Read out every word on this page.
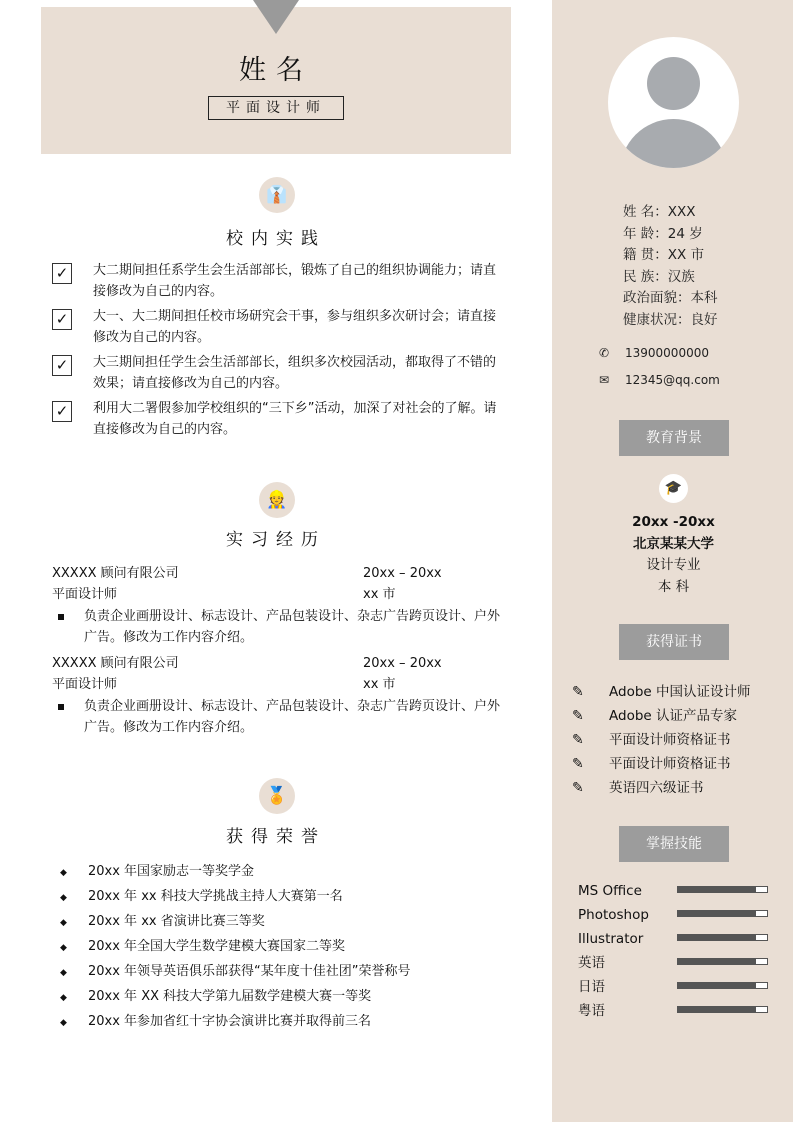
姓名
平面设计师
姓 名：XXX
年 龄：24 岁
籍 贯：XX 市
民 族：汉族
政治面貌：本科
健康状况：良好
✆ 13900000000
✉ 12345@qq.com
教育背景
🎓
20xx -20xx
北京某某大学
设计专业
本 科
获得证书
✎ Adobe 中国认证设计师
✎ Adobe 认证产品专家
✎ 平面设计师资格证书
✎ 平面设计师资格证书
✎ 英语四六级证书
掌握技能
MS Office
Photoshop
Illustrator
英语
日语
粤语
👔
校内实践
✓ 大二期间担任系学生会生活部部长，锻炼了自己的组织协调能力；请直接修改为自己的内容。
✓ 大一、大二期间担任校市场研究会干事，参与组织多次研讨会；请直接修改为自己的内容。
✓ 大三期间担任学生会生活部部长，组织多次校园活动，都取得了不错的效果；请直接修改为自己的内容。
✓ 利用大二署假参加学校组织的“三下乡”活动，加深了对社会的了解。请直接修改为自己的内容。
👷
实习经历
XXXXX 顾问有限公司
平面设计师
20xx – 20xx
xx 市
负责企业画册设计、标志设计、产品包装设计、杂志广告跨页设计、户外广告。修改为工作内容介绍。
XXXXX 顾问有限公司
平面设计师
20xx – 20xx
xx 市
负责企业画册设计、标志设计、产品包装设计、杂志广告跨页设计、户外广告。修改为工作内容介绍。
🏅
获得荣誉
◆ 20xx 年国家励志一等奖学金
◆ 20xx 年 xx 科技大学挑战主持人大赛第一名
◆ 20xx 年 xx 省演讲比赛三等奖
◆ 20xx 年全国大学生数学建模大赛国家二等奖
◆ 20xx 年领导英语俱乐部获得“某年度十佳社团”荣誉称号
◆ 20xx 年 XX 科技大学第九届数学建模大赛一等奖
◆ 20xx 年参加省红十字协会演讲比赛并取得前三名
